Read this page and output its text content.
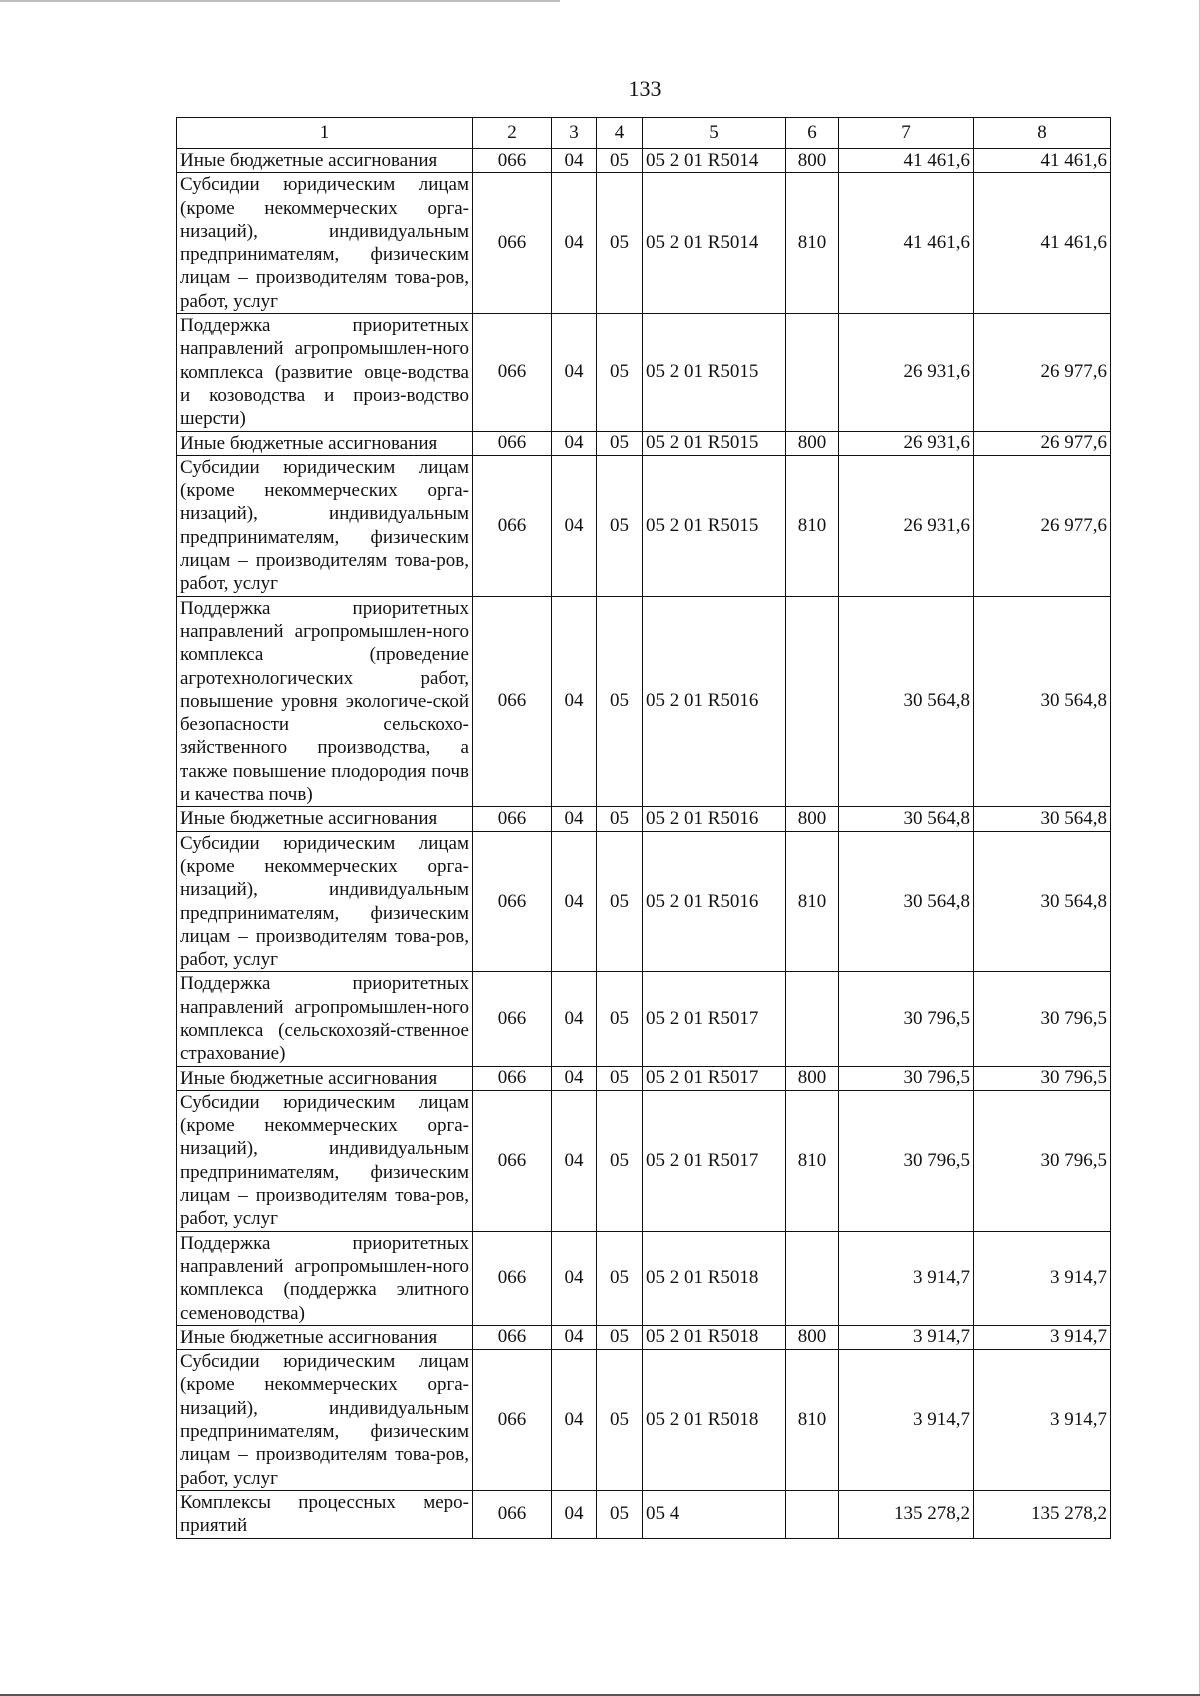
133
1	2	3	4	5	6	7	8
Иные бюджетные ассигнования	066	04	05	05 2 01 R5014	800	41 461,6	41 461,6
Субсидии юридическим лицам (кроме некоммерческих орга-низаций), индивидуальным предпринимателям, физическим лицам – производителям това-ров, работ, услуг	066	04	05	05 2 01 R5014	810	41 461,6	41 461,6
Поддержка приоритетных направлений агропромышлен-ного комплекса (развитие овце-водства и козоводства и произ-водство шерсти)	066	04	05	05 2 01 R5015		26 931,6	26 977,6
Иные бюджетные ассигнования	066	04	05	05 2 01 R5015	800	26 931,6	26 977,6
Субсидии юридическим лицам (кроме некоммерческих орга-низаций), индивидуальным предпринимателям, физическим лицам – производителям това-ров, работ, услуг	066	04	05	05 2 01 R5015	810	26 931,6	26 977,6
Поддержка приоритетных направлений агропромышлен-ного комплекса (проведение агротехнологических работ, повышение уровня экологиче-ской безопасности сельскохо-зяйственного производства, а также повышение плодородия почв и качества почв)	066	04	05	05 2 01 R5016		30 564,8	30 564,8
Иные бюджетные ассигнования	066	04	05	05 2 01 R5016	800	30 564,8	30 564,8
Субсидии юридическим лицам (кроме некоммерческих орга-низаций), индивидуальным предпринимателям, физическим лицам – производителям това-ров, работ, услуг	066	04	05	05 2 01 R5016	810	30 564,8	30 564,8
Поддержка приоритетных направлений агропромышлен-ного комплекса (сельскохозяй-ственное страхование)	066	04	05	05 2 01 R5017		30 796,5	30 796,5
Иные бюджетные ассигнования	066	04	05	05 2 01 R5017	800	30 796,5	30 796,5
Субсидии юридическим лицам (кроме некоммерческих орга-низаций), индивидуальным предпринимателям, физическим лицам – производителям това-ров, работ, услуг	066	04	05	05 2 01 R5017	810	30 796,5	30 796,5
Поддержка приоритетных направлений агропромышлен-ного комплекса (поддержка элитного семеноводства)	066	04	05	05 2 01 R5018		3 914,7	3 914,7
Иные бюджетные ассигнования	066	04	05	05 2 01 R5018	800	3 914,7	3 914,7
Субсидии юридическим лицам (кроме некоммерческих орга-низаций), индивидуальным предпринимателям, физическим лицам – производителям това-ров, работ, услуг	066	04	05	05 2 01 R5018	810	3 914,7	3 914,7
Комплексы процессных меро-приятий	066	04	05	05 4		135 278,2	135 278,2
